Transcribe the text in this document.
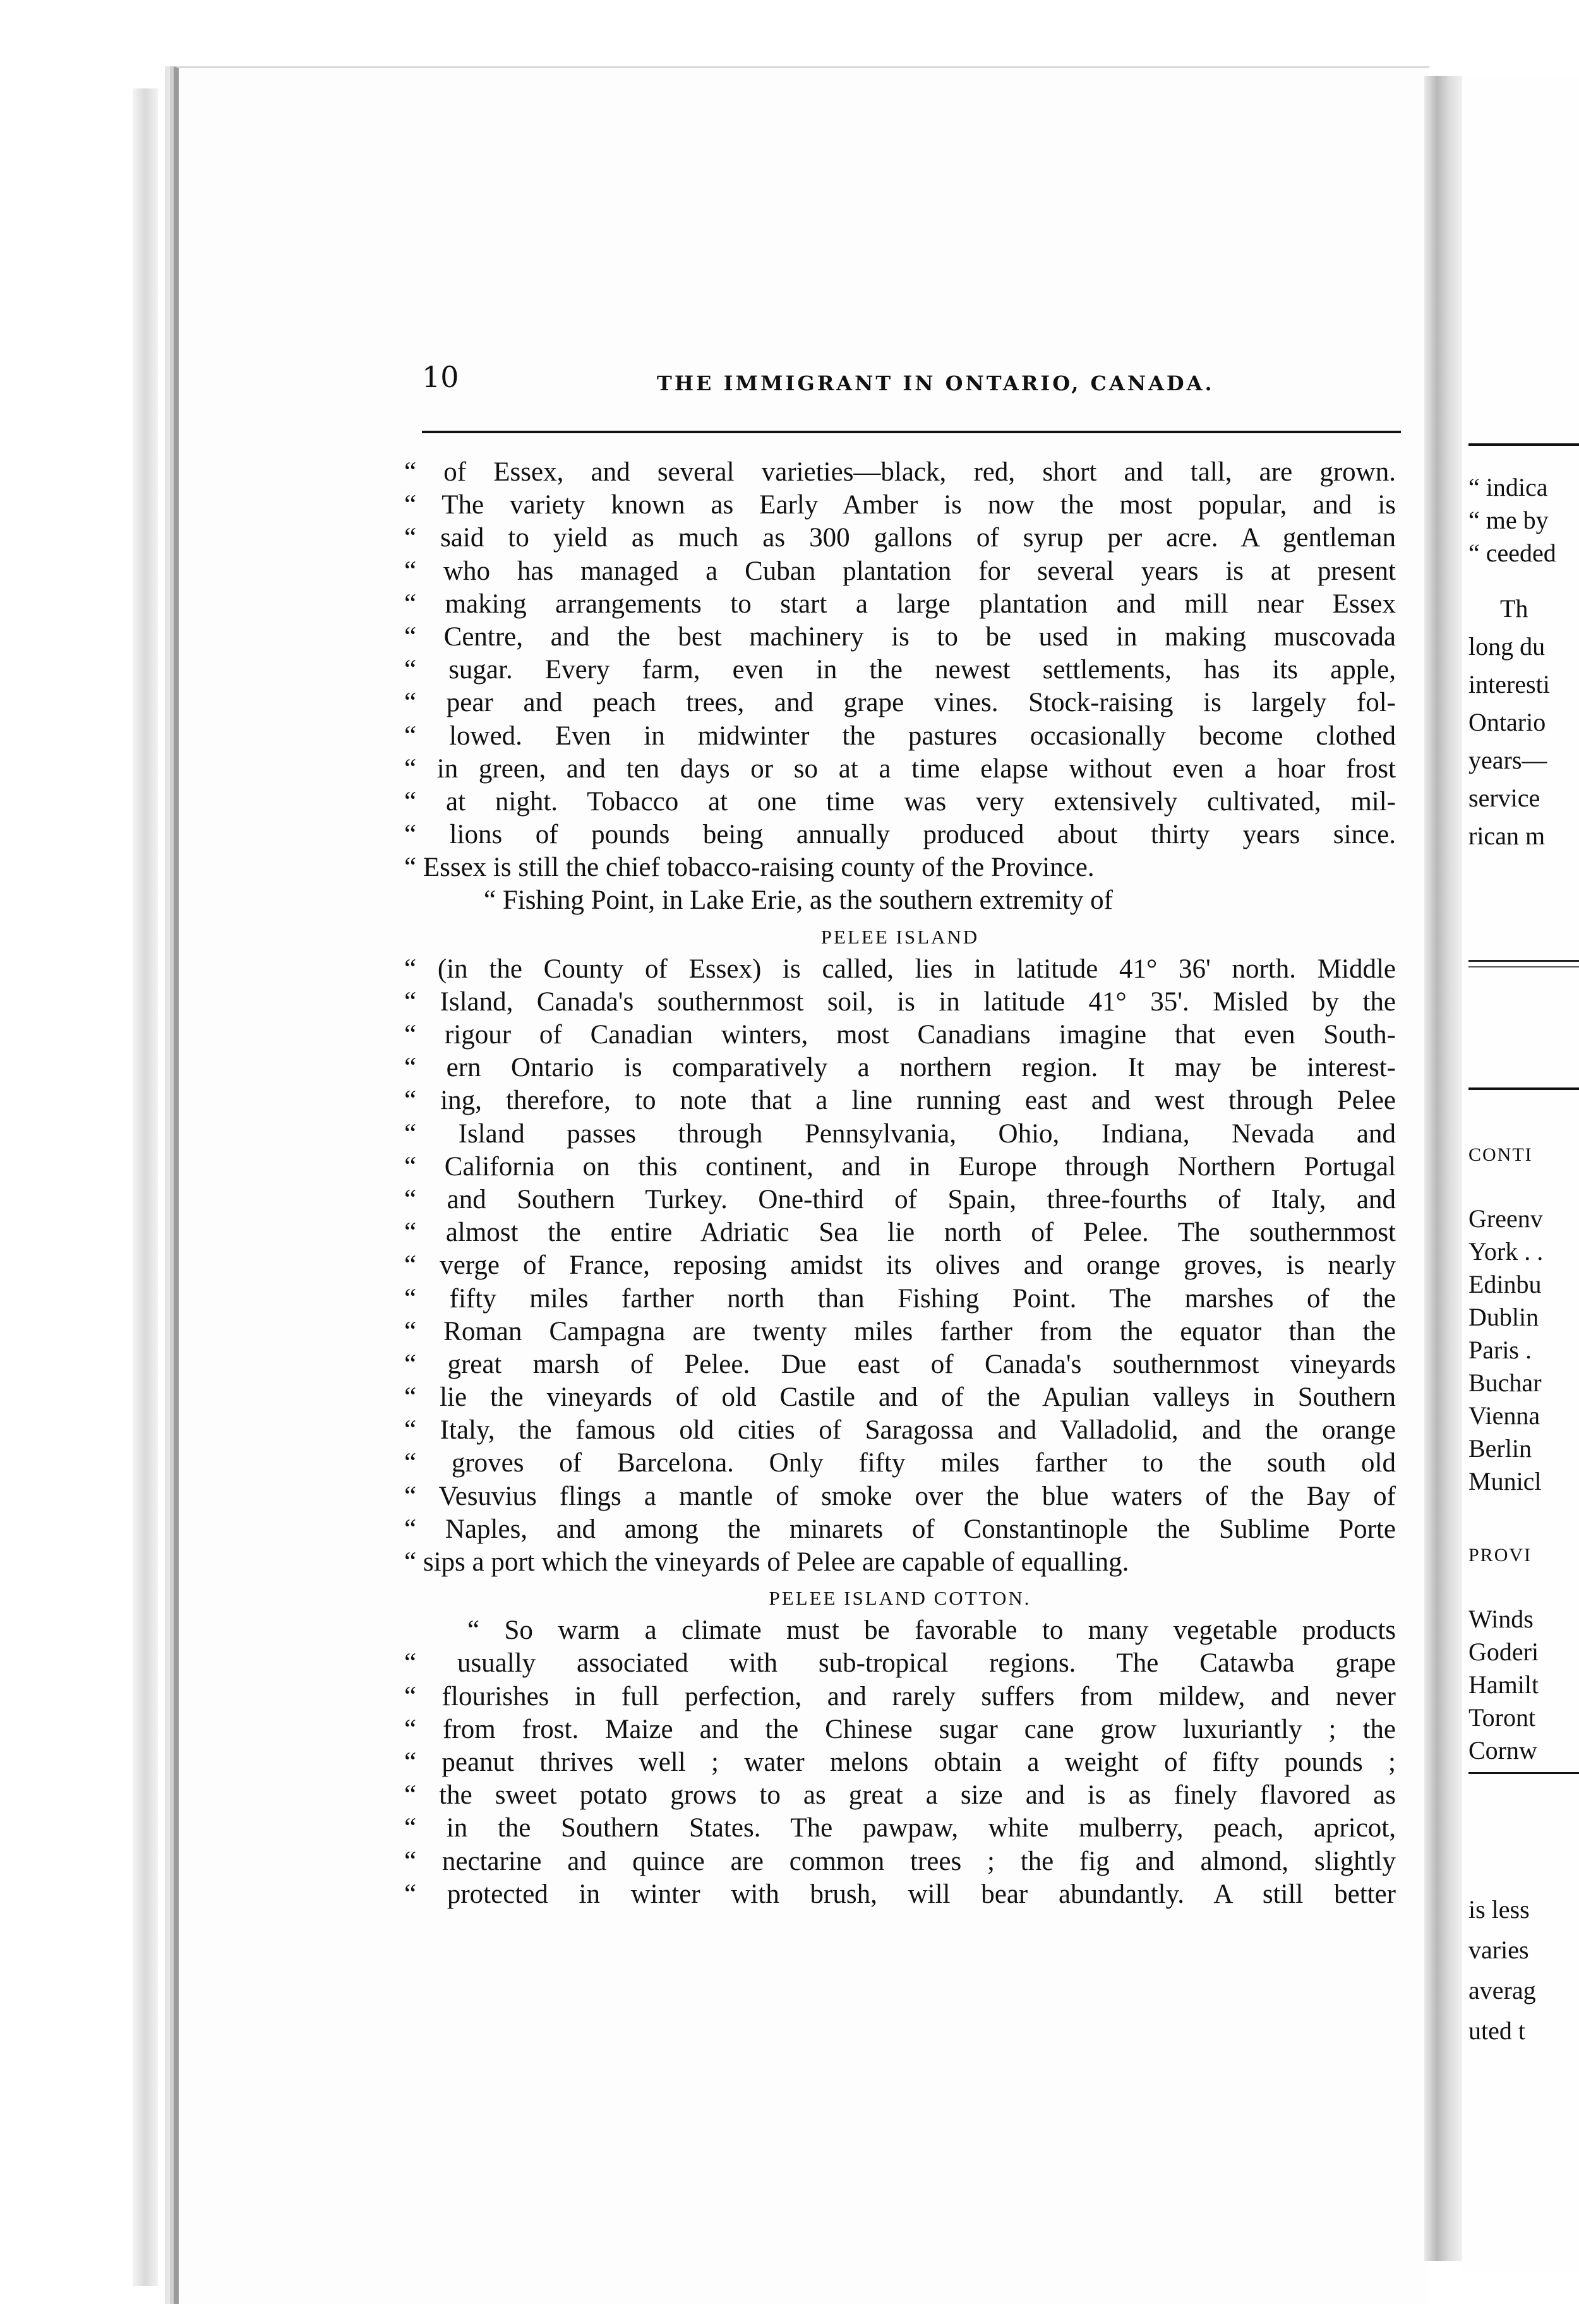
10	THE IMMIGRANT IN ONTARIO, CANADA.
“ of Essex, and several varieties—black, red, short and tall, are grown.
“ The variety known as Early Amber is now the most popular, and is
“ said to yield as much as 300 gallons of syrup per acre. A gentleman
“ who has managed a Cuban plantation for several years is at present
“ making arrangements to start a large plantation and mill near Essex
“ Centre, and the best machinery is to be used in making muscovada
“ sugar. Every farm, even in the newest settlements, has its apple,
“ pear and peach trees, and grape vines. Stock-raising is largely fol-
“ lowed. Even in midwinter the pastures occasionally become clothed
“ in green, and ten days or so at a time elapse without even a hoar frost
“ at night. Tobacco at one time was very extensively cultivated, mil-
“ lions of pounds being annually produced about thirty years since.
“ Essex is still the chief tobacco-raising county of the Province.
“ Fishing Point, in Lake Erie, as the southern extremity of
PELEE ISLAND
“ (in the County of Essex) is called, lies in latitude 41° 36' north. Middle
“ Island, Canada's southernmost soil, is in latitude 41° 35'. Misled by the
“ rigour of Canadian winters, most Canadians imagine that even South-
“ ern Ontario is comparatively a northern region. It may be interest-
“ ing, therefore, to note that a line running east and west through Pelee
“ Island passes through Pennsylvania, Ohio, Indiana, Nevada and
“ California on this continent, and in Europe through Northern Portugal
“ and Southern Turkey. One-third of Spain, three-fourths of Italy, and
“ almost the entire Adriatic Sea lie north of Pelee. The southernmost
“ verge of France, reposing amidst its olives and orange groves, is nearly
“ fifty miles farther north than Fishing Point. The marshes of the
“ Roman Campagna are twenty miles farther from the equator than the
“ great marsh of Pelee. Due east of Canada's southernmost vineyards
“ lie the vineyards of old Castile and of the Apulian valleys in Southern
“ Italy, the famous old cities of Saragossa and Valladolid, and the orange
“ groves of Barcelona. Only fifty miles farther to the south old
“ Vesuvius flings a mantle of smoke over the blue waters of the Bay of
“ Naples, and among the minarets of Constantinople the Sublime Porte
“ sips a port which the vineyards of Pelee are capable of equalling.
PELEE ISLAND COTTON.
“ So warm a climate must be favorable to many vegetable products
“ usually associated with sub-tropical regions. The Catawba grape
“ flourishes in full perfection, and rarely suffers from mildew, and never
“ from frost. Maize and the Chinese sugar cane grow luxuriantly ; the
“ peanut thrives well ; water melons obtain a weight of fifty pounds ;
“ the sweet potato grows to as great a size and is as finely flavored as
“ in the Southern States. The pawpaw, white mulberry, peach, apricot,
“ nectarine and quince are common trees ; the fig and almond, slightly
“ protected in winter with brush, will bear abundantly. A still better
“ indica
“ me by
“ ceeded
Th
long du
interesti
Ontario
years—
service
rican m
CONTI
Greenv
York . .
Edinbu
Dublin
Paris .
Buchar
Vienna
Berlin
Municl
PROVI
Winds
Goderi
Hamilt
Toront
Cornw
is less
varies
averag
uted t
